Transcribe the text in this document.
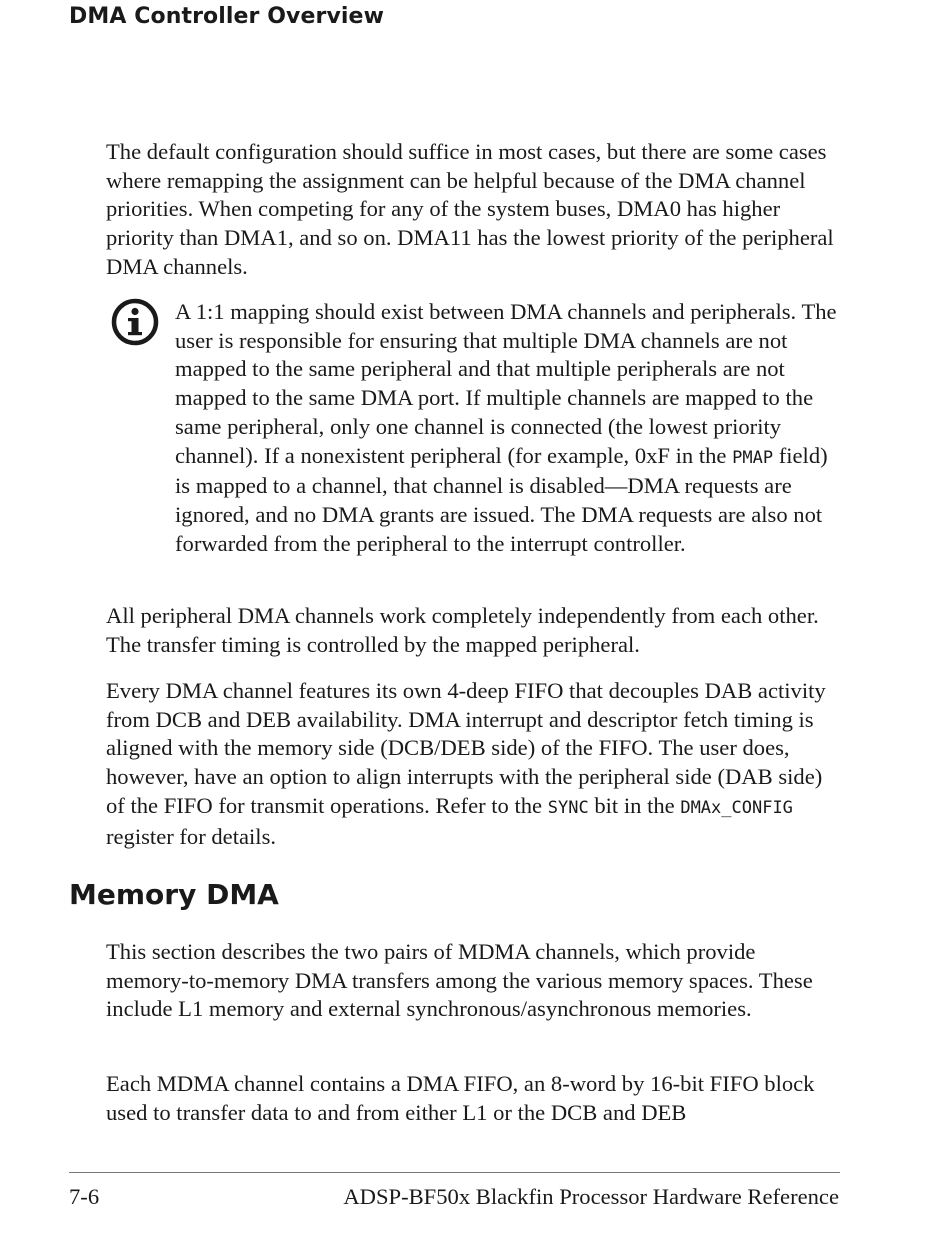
DMA Controller Overview

The default configuration should suffice in most cases, but there are some cases where remapping the assignment can be helpful because of the DMA channel priorities. When competing for any of the system buses, DMA0 has higher priority than DMA1, and so on. DMA11 has the lowest priority of the peripheral DMA channels.

A 1:1 mapping should exist between DMA channels and peripherals. The user is responsible for ensuring that multiple DMA channels are not mapped to the same peripheral and that multiple peripherals are not mapped to the same DMA port. If multiple channels are mapped to the same peripheral, only one channel is connected (the lowest priority channel). If a nonexistent peripheral (for example, 0xF in the PMAP field) is mapped to a channel, that channel is disabled—DMA requests are ignored, and no DMA grants are issued. The DMA requests are also not forwarded from the peripheral to the interrupt controller.

All peripheral DMA channels work completely independently from each other. The transfer timing is controlled by the mapped peripheral.

Every DMA channel features its own 4-deep FIFO that decouples DAB activity from DCB and DEB availability. DMA interrupt and descriptor fetch timing is aligned with the memory side (DCB/DEB side) of the FIFO. The user does, however, have an option to align interrupts with the peripheral side (DAB side) of the FIFO for transmit operations. Refer to the SYNC bit in the DMAx_CONFIG register for details.

Memory DMA

This section describes the two pairs of MDMA channels, which provide memory-to-memory DMA transfers among the various memory spaces. These include L1 memory and external synchronous/asynchronous memories.

Each MDMA channel contains a DMA FIFO, an 8-word by 16-bit FIFO block used to transfer data to and from either L1 or the DCB and DEB

7-6	ADSP-BF50x Blackfin Processor Hardware Reference
